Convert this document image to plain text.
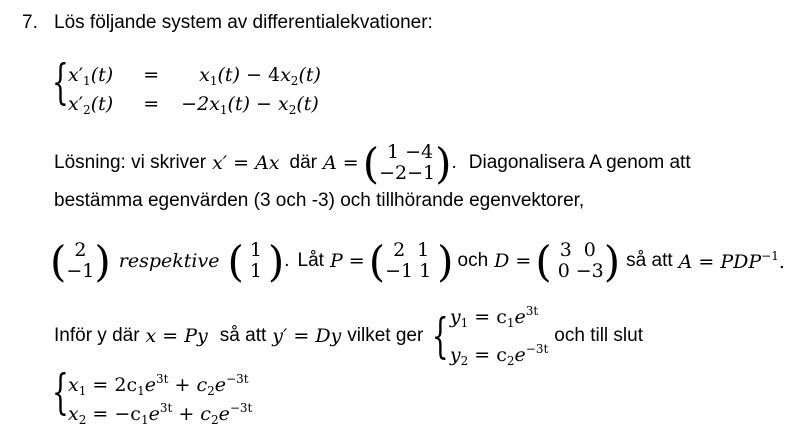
7. Lös följande system av differentialekvationer:
{ $x'_1(t) = x_1(t) - 4x_2(t)$
$x'_2(t) = -2x_1(t) - x_2(t)$
Lösning: vi skriver x′ = Ax där A = ( 1 −4
−2−1 ) . Diagonalisera A genom att
bestämma egenvärden (3 och -3) och tillhörande egenvektorer,
( 2
−1 ) respektive ( 1
1 ) . Låt P = ( 2 1
−1 1 ) och D = ( 3 0
0 −3 ) så att $A = PDP^{-1}$.
Inför y där x = Py så att y′ = Dy vilket ger { $y_1 = c_1e^{3t}$
$y_2 = c_2e^{-3t}$
och till slut
{ $x_1 = 2c_1e^{3t} + c_2e^{-3t}$
$x_2 = -c_1e^{3t} + c_2e^{-3t}$
